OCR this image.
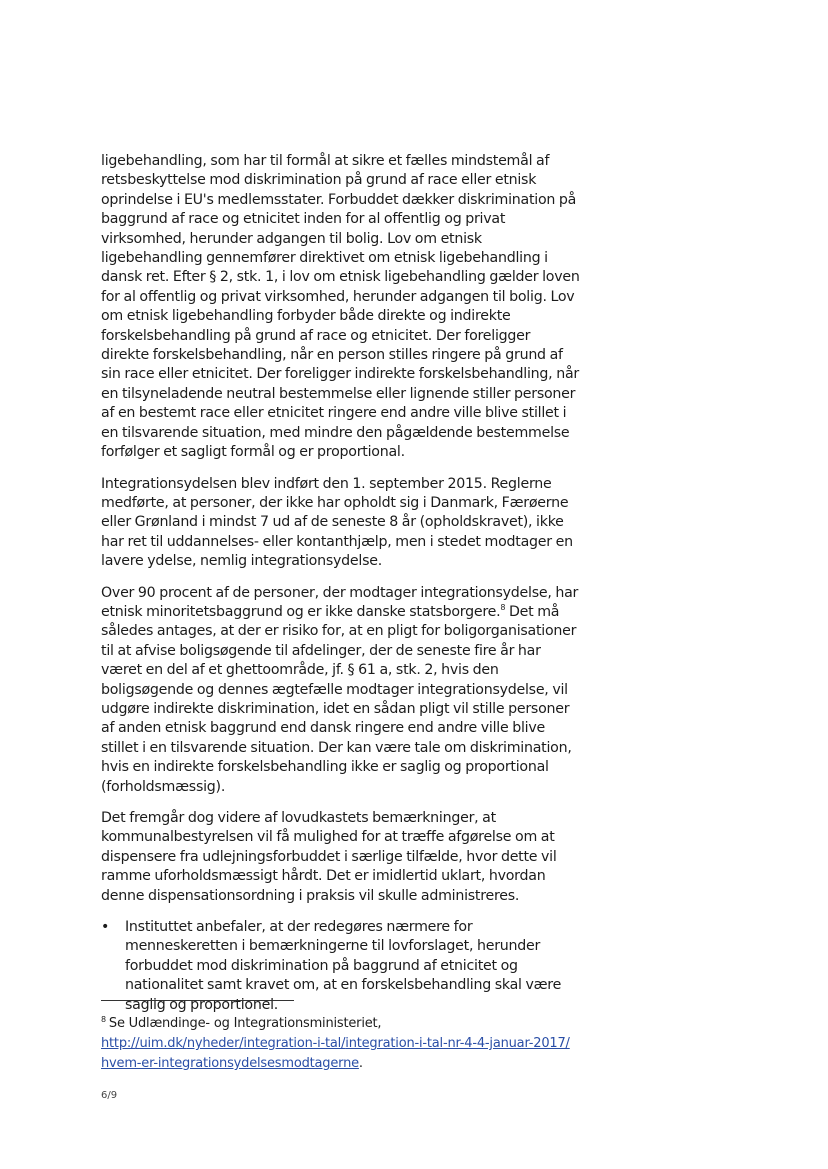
ligebehandling, som har til formål at sikre et fælles mindstemål af retsbeskyttelse mod diskrimination på grund af race eller etnisk oprindelse i EU's medlemsstater. Forbuddet dækker diskrimination på baggrund af race og etnicitet inden for al offentlig og privat virksomhed, herunder adgangen til bolig. Lov om etnisk ligebehandling gennemfører direktivet om etnisk ligebehandling i dansk ret. Efter § 2, stk. 1, i lov om etnisk ligebehandling gælder loven for al offentlig og privat virksomhed, herunder adgangen til bolig. Lov om etnisk ligebehandling forbyder både direkte og indirekte forskelsbehandling på grund af race og etnicitet. Der foreligger direkte forskelsbehandling, når en person stilles ringere på grund af sin race eller etnicitet. Der foreligger indirekte forskelsbehandling, når en tilsyneladende neutral bestemmelse eller lignende stiller personer af en bestemt race eller etnicitet ringere end andre ville blive stillet i en tilsvarende situation, med mindre den pågældende bestemmelse forfølger et sagligt formål og er proportional.

Integrationsydelsen blev indført den 1. september 2015. Reglerne medførte, at personer, der ikke har opholdt sig i Danmark, Færøerne eller Grønland i mindst 7 ud af de seneste 8 år (opholdskravet), ikke har ret til uddannelses- eller kontanthjælp, men i stedet modtager en lavere ydelse, nemlig integrationsydelse.

Over 90 procent af de personer, der modtager integrationsydelse, har etnisk minoritetsbaggrund og er ikke danske statsborgere.$^8$ Det må således antages, at der er risiko for, at en pligt for boligorganisationer til at afvise boligsøgende til afdelinger, der de seneste fire år har været en del af et ghettoområde, jf. § 61 a, stk. 2, hvis den boligsøgende og dennes ægtefælle modtager integrationsydelse, vil udgøre indirekte diskrimination, idet en sådan pligt vil stille personer af anden etnisk baggrund end dansk ringere end andre ville blive stillet i en tilsvarende situation. Der kan være tale om diskrimination, hvis en indirekte forskelsbehandling ikke er saglig og proportional (forholdsmæssig).

Det fremgår dog videre af lovudkastets bemærkninger, at kommunalbestyrelsen vil få mulighed for at træffe afgørelse om at dispensere fra udlejningsforbuddet i særlige tilfælde, hvor dette vil ramme uforholdsmæssigt hårdt. Det er imidlertid uklart, hvordan denne dispensationsordning i praksis vil skulle administreres.

• Instituttet anbefaler, at der redegøres nærmere for menneskeretten i bemærkningerne til lovforslaget, herunder forbuddet mod diskrimination på baggrund af etnicitet og nationalitet samt kravet om, at en forskelsbehandling skal være saglig og proportionel.
$^8$ Se Udlændinge- og Integrationsministeriet,
http://uim.dk/nyheder/integration-i-tal/integration-i-tal-nr-4-4-januar-2017/hvem-er-integrationsydelsesmodtagerne.
6/9
